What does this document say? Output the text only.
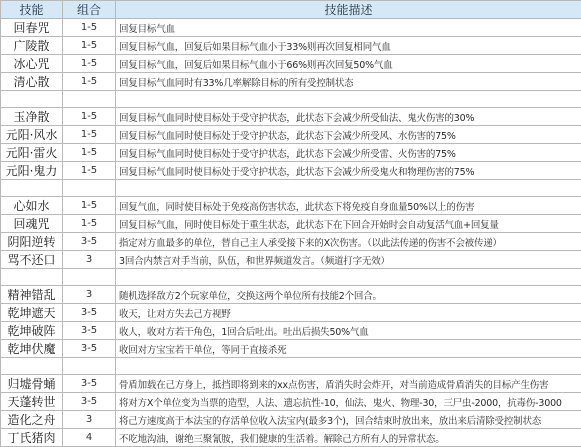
技能	组合	技能描述
回春咒	1-5	回复目标气血
广陵散	1-5	回复目标气血，回复后如果目标气血小于33%则再次回复相同气血
冰心咒	1-5	回复目标气血，回复后如果目标气血小于66%则再次回复50%气血
清心散	1-5	回复目标气血同时有33%几率解除目标的所有受控制状态

玉净散	1-5	回复目标气血同时使目标处于受守护状态，此状态下会减少所受仙法、鬼火伤害的30%
元阳·风水	1-5	回复目标气血同时使目标处于受守护状态，此状态下会减少所受风、水伤害的75%
元阳·雷火	1-5	回复目标气血同时使目标处于受守护状态，此状态下会减少所受雷、火伤害的75%
元阳·鬼力	1-5	回复目标气血同时使目标处于受守护状态，此状态下会减少所受鬼火和物理伤害的75%

心如水	1-5	回复气血，同时使目标处于免疫高伤害状态，此状态下将免疫自身血量50%以上的伤害
回魂咒	1-5	回复目标气血，同时使目标处于重生状态，此状态下在下回合开始时会自动复活气血+回复量
阴阳逆转	3-5	指定对方血最多的单位，替自己主人承受接下来的X次伤害。（以此法传递的伤害不会被传递）
骂不还口	3	3回合内禁言对手当前，队伍，和世界频道发言。（频道打字无效）

精神错乱	3	随机选择敌方2个玩家单位，交换这两个单位所有技能2个回合。
乾坤遮天	3-5	收天，让对方失去己方视野
乾坤破阵	3-5	收人，收对方若干角色，1回合后吐出。吐出后损失50%气血
乾坤伏魔	3-5	收回对方宝宝若干单位，等同于直接杀死

归墟骨蛹	3-5	骨盾加载在己方身上，抵挡即将到来的xx点伤害，盾消失时会炸开，对当前造成骨盾消失的目标产生伤害
天蓬转世	3-5	将对方X个单位变为当票的造型，人法、遗忘抗性-10，仙法、鬼火、物理-30，三尸虫-2000，抗毒伤-3000
造化之舟	3	将己方速度高于本法宝的存活单位收入法宝内(最多3个)，回合结束时放出来，放出来后清除受控制状态
丁氏猪肉	4	不吃地沟油，谢绝三聚氰胺，我们健康的生活着。解除己方所有人的异常状态。
